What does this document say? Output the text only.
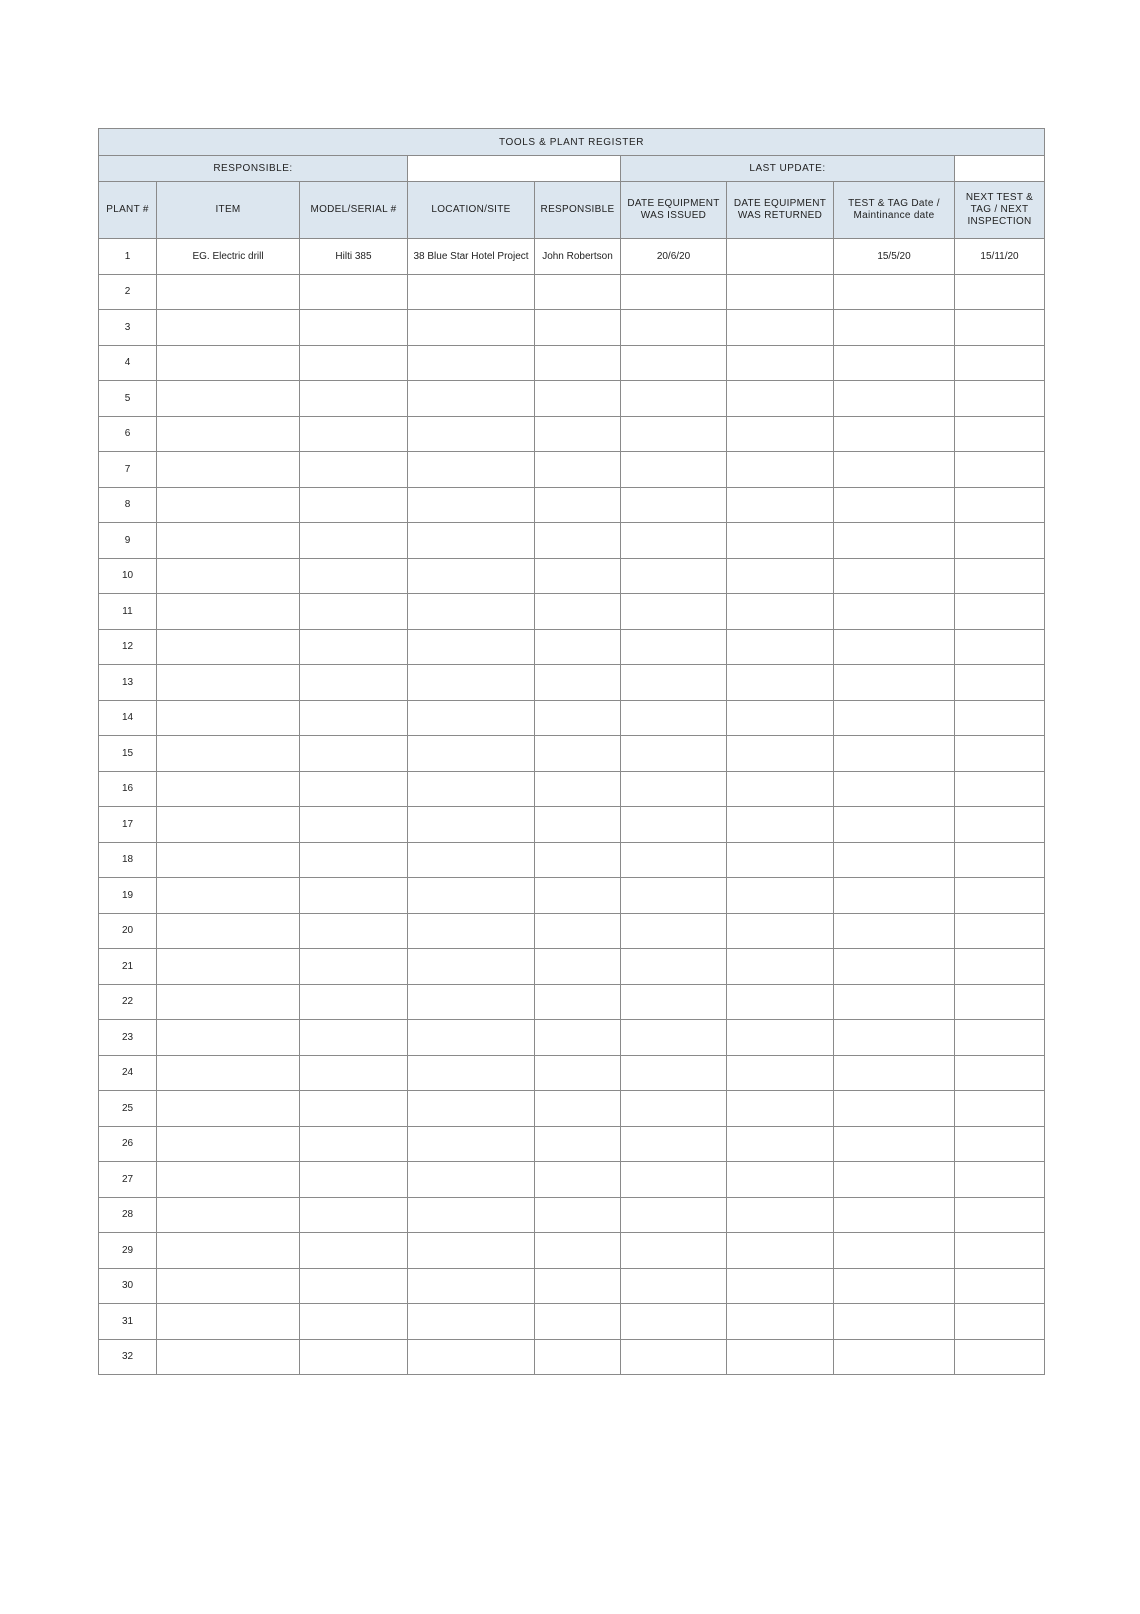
TOOLS & PLANT REGISTER								
RESPONSIBLE:					LAST UPDATE:			
PLANT #	ITEM	MODEL/SERIAL #	LOCATION/SITE	RESPONSIBLE	DATE EQUIPMENT WAS ISSUED	DATE EQUIPMENT WAS RETURNED	TEST & TAG Date / Maintinance date	NEXT TEST & TAG / NEXT INSPECTION
1	EG. Electric drill	Hilti 385	38 Blue Star Hotel Project	John Robertson	20/6/20		15/5/20	15/11/20
2								
3								
4								
5								
6								
7								
8								
9								
10								
11								
12								
13								
14								
15								
16								
17								
18								
19								
20								
21								
22								
23								
24								
25								
26								
27								
28								
29								
30								
31								
32								
